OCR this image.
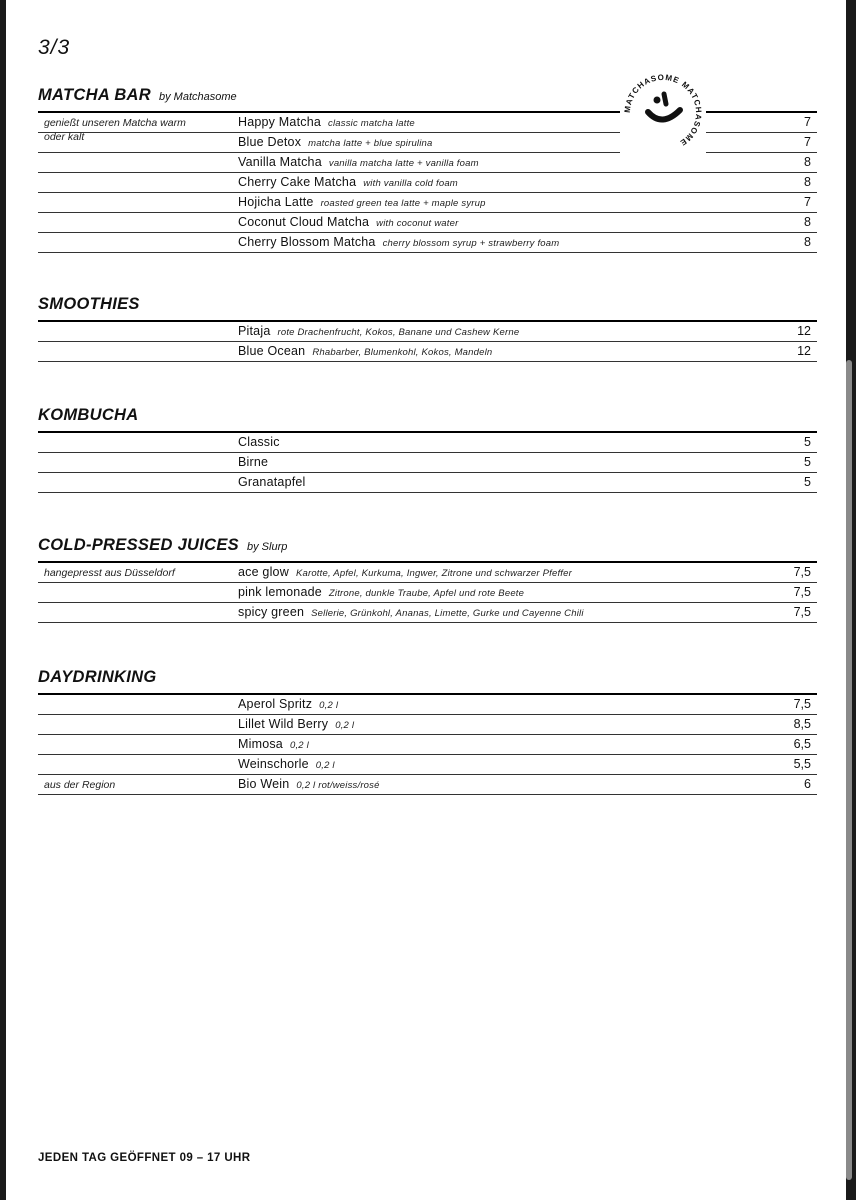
3/3
MATCHA BAR by Matchasome
genießt unseren Matcha warm oder kalt
Happy Matcha classic matcha latte	7
Blue Detox matcha latte + blue spirulina	7
Vanilla Matcha vanilla matcha latte + vanilla foam	8
Cherry Cake Matcha with vanilla cold foam	8
Hojicha Latte roasted green tea latte + maple syrup	7
Coconut Cloud Matcha with coconut water	8
Cherry Blossom Matcha cherry blossom syrup + strawberry foam	8
MATCHASOME MATCHASOME
SMOOTHIES
Pitaja rote Drachenfrucht, Kokos, Banane und Cashew Kerne	12
Blue Ocean Rhabarber, Blumenkohl, Kokos, Mandeln	12
KOMBUCHA
Classic	5
Birne	5
Granatapfel	5
COLD-PRESSED JUICES by Slurp
hangepresst aus Düsseldorf	ace glow Karotte, Apfel, Kurkuma, Ingwer, Zitrone und schwarzer Pfeffer	7,5
pink lemonade Zitrone, dunkle Traube, Apfel und rote Beete	7,5
spicy green Sellerie, Grünkohl, Ananas, Limette, Gurke und Cayenne Chili	7,5
DAYDRINKING
Aperol Spritz 0,2 l	7,5
Lillet Wild Berry 0,2 l	8,5
Mimosa 0,2 l	6,5
Weinschorle 0,2 l	5,5
aus der Region	Bio Wein 0,2 l rot/weiss/rosé	6
JEDEN TAG GEÖFFNET 09 – 17 UHR
